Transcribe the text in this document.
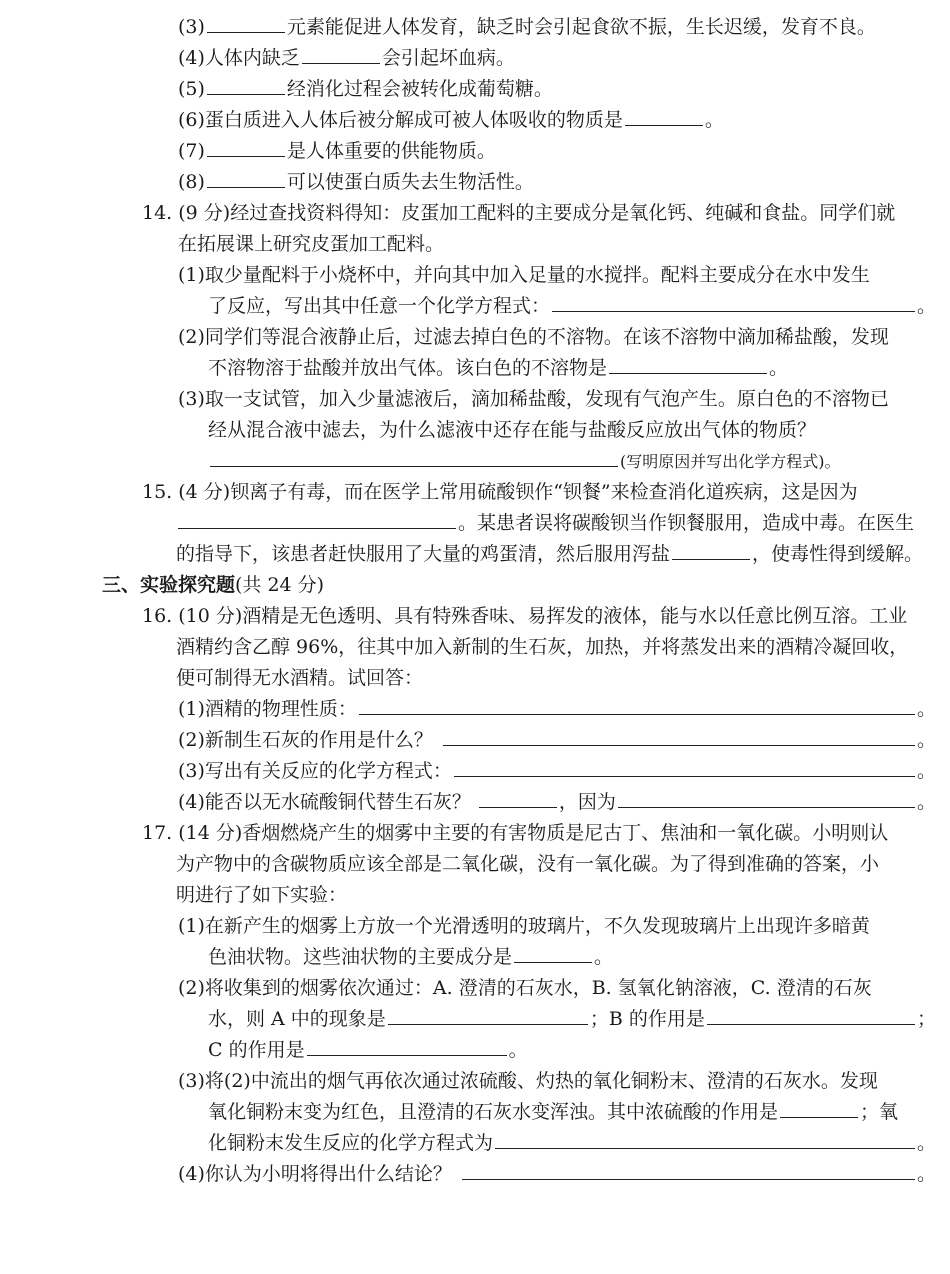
(3)	元素能促进人体发育，缺乏时会引起食欲不振，生长迟缓，发育不良。
(4)人体内缺乏	会引起坏血病。
(5)	经消化过程会被转化成葡萄糖。
(6)蛋白质进入人体后被分解成可被人体吸收的物质是	。
(7)	是人体重要的供能物质。
(8)	可以使蛋白质失去生物活性。
14. (9 分)经过查找资料得知：皮蛋加工配料的主要成分是氧化钙、纯碱和食盐。同学们就
在拓展课上研究皮蛋加工配料。
(1)取少量配料于小烧杯中，并向其中加入足量的水搅拌。配料主要成分在水中发生
了反应，写出其中任意一个化学方程式：	。
(2)同学们等混合液静止后，过滤去掉白色的不溶物。在该不溶物中滴加稀盐酸，发现
不溶物溶于盐酸并放出气体。该白色的不溶物是	。
(3)取一支试管，加入少量滤液后，滴加稀盐酸，发现有气泡产生。原白色的不溶物已
经从混合液中滤去，为什么滤液中还存在能与盐酸反应放出气体的物质？
(写明原因并写出化学方程式)。
15. (4 分)钡离子有毒，而在医学上常用硫酸钡作“钡餐”来检查消化道疾病，这是因为
。某患者误将碳酸钡当作钡餐服用，造成中毒。在医生
的指导下，该患者赶快服用了大量的鸡蛋清，然后服用泻盐	，使毒性得到缓解。
三、实验探究题 (共 24 分)
16. (10 分)酒精是无色透明、具有特殊香味、易挥发的液体，能与水以任意比例互溶。工业
酒精约含乙醇 96%，往其中加入新制的生石灰，加热，并将蒸发出来的酒精冷凝回收，
便可制得无水酒精。试回答：
(1)酒精的物理性质：	。
(2)新制生石灰的作用是什么？	。
(3)写出有关反应的化学方程式：	。
(4)能否以无水硫酸铜代替生石灰？	，因为	。
17. (14 分)香烟燃烧产生的烟雾中主要的有害物质是尼古丁、焦油和一氧化碳。小明则认
为产物中的含碳物质应该全部是二氧化碳，没有一氧化碳。为了得到准确的答案，小
明进行了如下实验：
(1)在新产生的烟雾上方放一个光滑透明的玻璃片，不久发现玻璃片上出现许多暗黄
色油状物。这些油状物的主要成分是	。
(2)将收集到的烟雾依次通过：A. 澄清的石灰水，B. 氢氧化钠溶液，C. 澄清的石灰
水，则 A 中的现象是	；B 的作用是	；
C 的作用是	。
(3)将(2)中流出的烟气再依次通过浓硫酸、灼热的氧化铜粉末、澄清的石灰水。发现
氧化铜粉末变为红色，且澄清的石灰水变浑浊。其中浓硫酸的作用是	；氧
化铜粉末发生反应的化学方程式为	。
(4)你认为小明将得出什么结论？	。
